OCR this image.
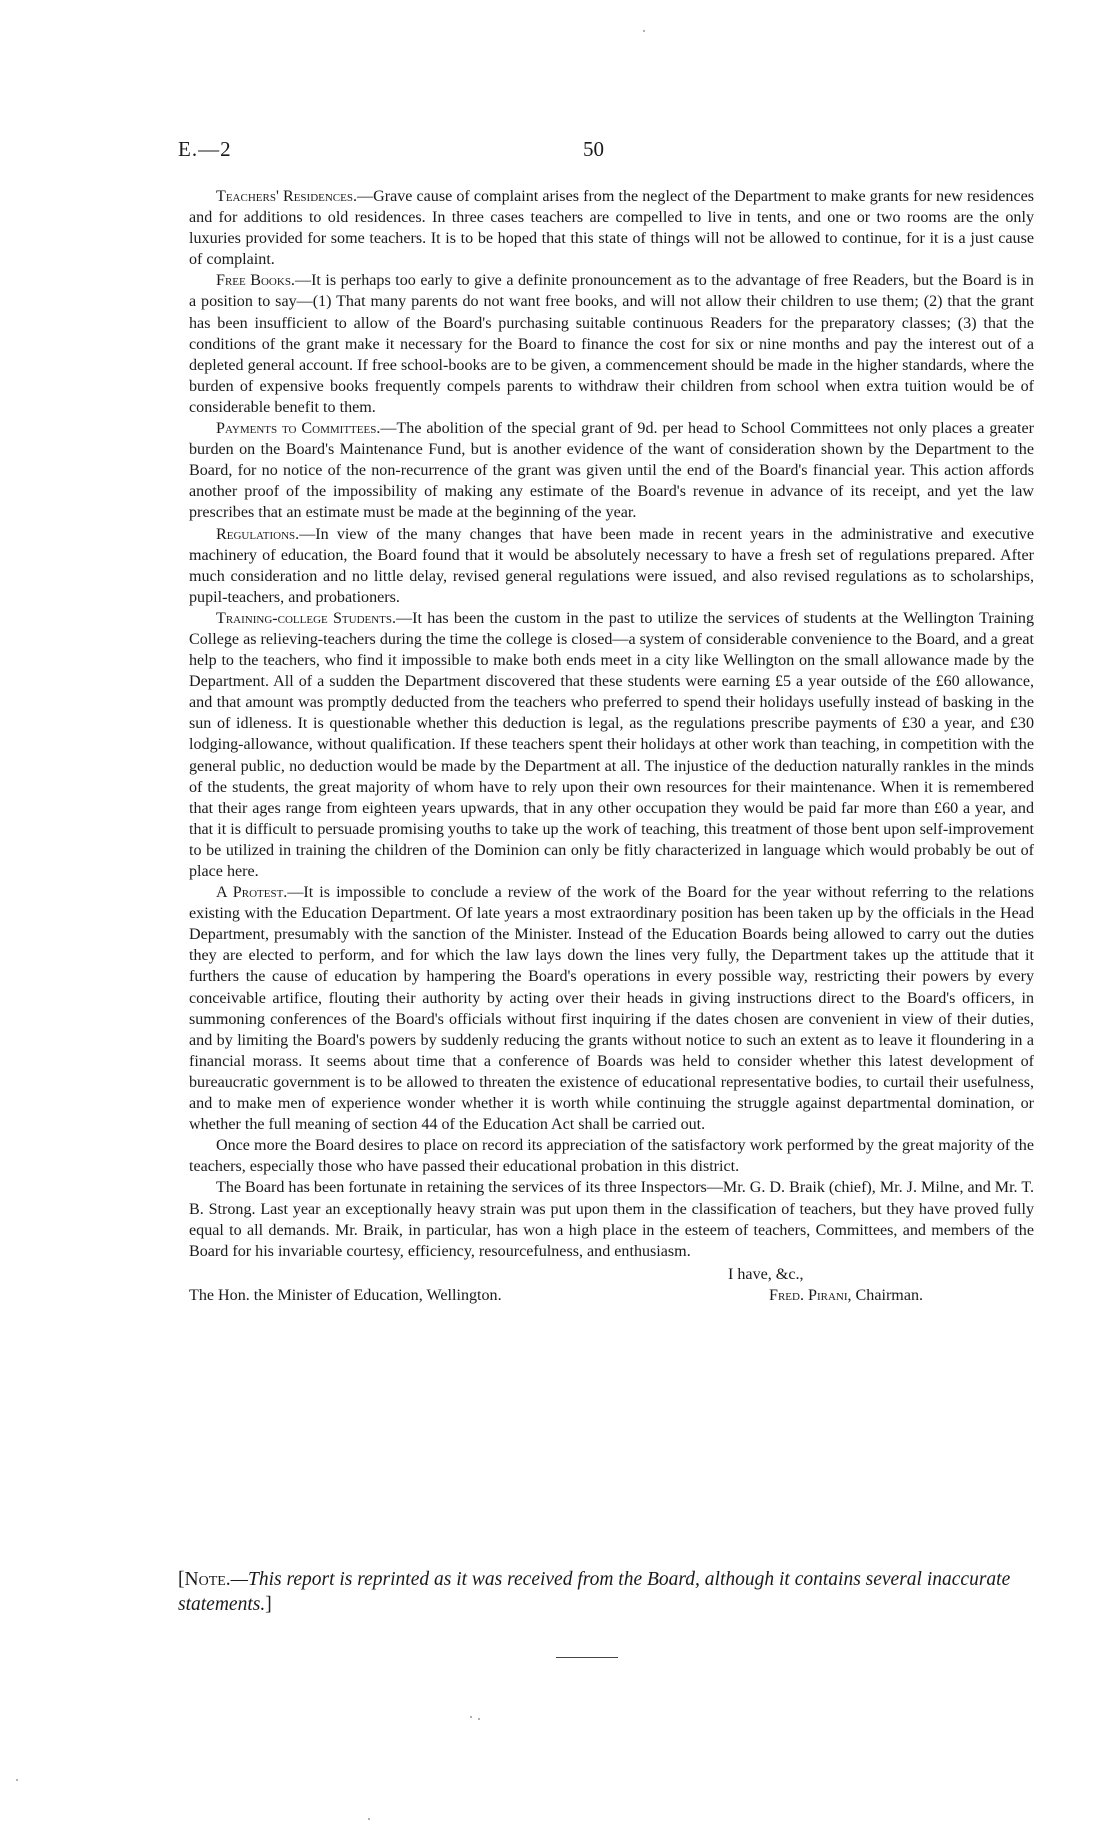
E.—2	50

Teachers' Residences.—Grave cause of complaint arises from the neglect of the Department to make grants for new residences and for additions to old residences. In three cases teachers are compelled to live in tents, and one or two rooms are the only luxuries provided for some teachers. It is to be hoped that this state of things will not be allowed to continue, for it is a just cause of complaint.

Free Books.—It is perhaps too early to give a definite pronouncement as to the advantage of free Readers, but the Board is in a position to say—(1) That many parents do not want free books, and will not allow their children to use them; (2) that the grant has been insufficient to allow of the Board's purchasing suitable continuous Readers for the preparatory classes; (3) that the conditions of the grant make it necessary for the Board to finance the cost for six or nine months and pay the interest out of a depleted general account. If free school-books are to be given, a commencement should be made in the higher standards, where the burden of expensive books frequently compels parents to withdraw their children from school when extra tuition would be of considerable benefit to them.

Payments to Committees.—The abolition of the special grant of 9d. per head to School Committees not only places a greater burden on the Board's Maintenance Fund, but is another evidence of the want of consideration shown by the Department to the Board, for no notice of the non-recurrence of the grant was given until the end of the Board's financial year. This action affords another proof of the impossibility of making any estimate of the Board's revenue in advance of its receipt, and yet the law prescribes that an estimate must be made at the beginning of the year.

Regulations.—In view of the many changes that have been made in recent years in the administrative and executive machinery of education, the Board found that it would be absolutely necessary to have a fresh set of regulations prepared. After much consideration and no little delay, revised general regulations were issued, and also revised regulations as to scholarships, pupil-teachers, and probationers.

Training-college Students.—It has been the custom in the past to utilize the services of students at the Wellington Training College as relieving-teachers during the time the college is closed—a system of considerable convenience to the Board, and a great help to the teachers, who find it impossible to make both ends meet in a city like Wellington on the small allowance made by the Department. All of a sudden the Department discovered that these students were earning £5 a year outside of the £60 allowance, and that amount was promptly deducted from the teachers who preferred to spend their holidays usefully instead of basking in the sun of idleness. It is questionable whether this deduction is legal, as the regulations prescribe payments of £30 a year, and £30 lodging-allowance, without qualification. If these teachers spent their holidays at other work than teaching, in competition with the general public, no deduction would be made by the Department at all. The injustice of the deduction naturally rankles in the minds of the students, the great majority of whom have to rely upon their own resources for their maintenance. When it is remembered that their ages range from eighteen years upwards, that in any other occupation they would be paid far more than £60 a year, and that it is difficult to persuade promising youths to take up the work of teaching, this treatment of those bent upon self-improvement to be utilized in training the children of the Dominion can only be fitly characterized in language which would probably be out of place here.

A Protest.—It is impossible to conclude a review of the work of the Board for the year without referring to the relations existing with the Education Department. Of late years a most extraordinary position has been taken up by the officials in the Head Department, presumably with the sanction of the Minister. Instead of the Education Boards being allowed to carry out the duties they are elected to perform, and for which the law lays down the lines very fully, the Department takes up the attitude that it furthers the cause of education by hampering the Board's operations in every possible way, restricting their powers by every conceivable artifice, flouting their authority by acting over their heads in giving instructions direct to the Board's officers, in summoning conferences of the Board's officials without first inquiring if the dates chosen are convenient in view of their duties, and by limiting the Board's powers by suddenly reducing the grants without notice to such an extent as to leave it floundering in a financial morass. It seems about time that a conference of Boards was held to consider whether this latest development of bureaucratic government is to be allowed to threaten the existence of educational representative bodies, to curtail their usefulness, and to make men of experience wonder whether it is worth while continuing the struggle against departmental domination, or whether the full meaning of section 44 of the Education Act shall be carried out.

Once more the Board desires to place on record its appreciation of the satisfactory work performed by the great majority of the teachers, especially those who have passed their educational probation in this district.

The Board has been fortunate in retaining the services of its three Inspectors—Mr. G. D. Braik (chief), Mr. J. Milne, and Mr. T. B. Strong. Last year an exceptionally heavy strain was put upon them in the classification of teachers, but they have proved fully equal to all demands. Mr. Braik, in particular, has won a high place in the esteem of teachers, Committees, and members of the Board for his invariable courtesy, efficiency, resourcefulness, and enthusiasm.

I have, &c.,
The Hon. the Minister of Education, Wellington.	Fred. Pirani, Chairman.
[Note.—This report is reprinted as it was received from the Board, although it contains several inaccurate statements.]
